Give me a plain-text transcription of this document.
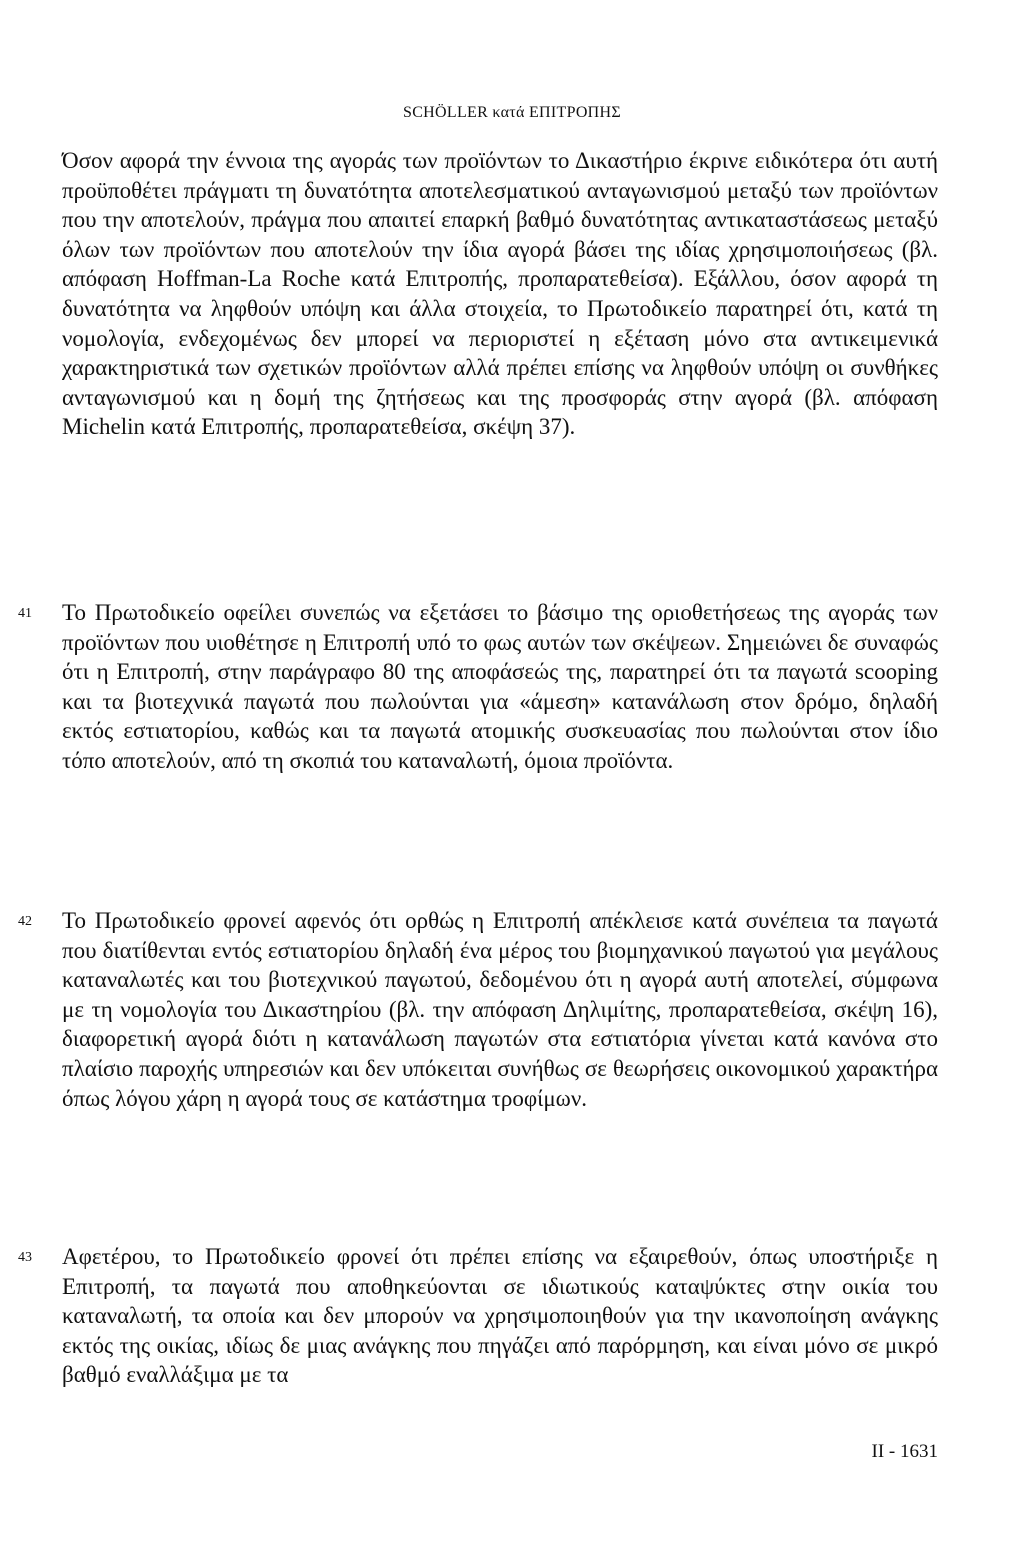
SCHÖLLER κατά ΕΠΙΤΡΟΠΗΣ
Όσον αφορά την έννοια της αγοράς των προϊόντων το Δικαστήριο έκρινε ειδικότερα ότι αυτή προϋποθέτει πράγματι τη δυνατότητα αποτελεσματικού ανταγωνισμού μεταξύ των προϊόντων που την αποτελούν, πράγμα που απαιτεί επαρκή βαθμό δυνατότητας αντικαταστάσεως μεταξύ όλων των προϊόντων που αποτελούν την ίδια αγορά βάσει της ιδίας χρησιμοποιήσεως (βλ. απόφαση Hoffman-La Roche κατά Επιτροπής, προπαρατεθείσα). Εξάλλου, όσον αφορά τη δυνατότητα να ληφθούν υπόψη και άλλα στοιχεία, το Πρωτοδικείο παρατηρεί ότι, κατά τη νομολογία, ενδεχομένως δεν μπορεί να περιοριστεί η εξέταση μόνο στα αντικειμενικά χαρακτηριστικά των σχετικών προϊόντων αλλά πρέπει επίσης να ληφθούν υπόψη οι συνθήκες ανταγωνισμού και η δομή της ζητήσεως και της προσφοράς στην αγορά (βλ. απόφαση Michelin κατά Επιτροπής, προπαρατεθείσα, σκέψη 37).
41 Το Πρωτοδικείο οφείλει συνεπώς να εξετάσει το βάσιμο της οριοθετήσεως της αγοράς των προϊόντων που υιοθέτησε η Επιτροπή υπό το φως αυτών των σκέψεων. Σημειώνει δε συναφώς ότι η Επιτροπή, στην παράγραφο 80 της αποφάσεώς της, παρατηρεί ότι τα παγωτά scooping και τα βιοτεχνικά παγωτά που πωλούνται για «άμεση» κατανάλωση στον δρόμο, δηλαδή εκτός εστιατορίου, καθώς και τα παγωτά ατομικής συσκευασίας που πωλούνται στον ίδιο τόπο αποτελούν, από τη σκοπιά του καταναλωτή, όμοια προϊόντα.
42 Το Πρωτοδικείο φρονεί αφενός ότι ορθώς η Επιτροπή απέκλεισε κατά συνέπεια τα παγωτά που διατίθενται εντός εστιατορίου δηλαδή ένα μέρος του βιομηχανικού παγωτού για μεγάλους καταναλωτές και του βιοτεχνικού παγωτού, δεδομένου ότι η αγορά αυτή αποτελεί, σύμφωνα με τη νομολογία του Δικαστηρίου (βλ. την απόφαση Δηλιμίτης, προπαρατεθείσα, σκέψη 16), διαφορετική αγορά διότι η κατανάλωση παγωτών στα εστιατόρια γίνεται κατά κανόνα στο πλαίσιο παροχής υπηρεσιών και δεν υπόκειται συνήθως σε θεωρήσεις οικονομικού χαρακτήρα όπως λόγου χάρη η αγορά τους σε κατάστημα τροφίμων.
43 Αφετέρου, το Πρωτοδικείο φρονεί ότι πρέπει επίσης να εξαιρεθούν, όπως υποστήριξε η Επιτροπή, τα παγωτά που αποθηκεύονται σε ιδιωτικούς καταψύκτες στην οικία του καταναλωτή, τα οποία και δεν μπορούν να χρησιμοποιηθούν για την ικανοποίηση ανάγκης εκτός της οικίας, ιδίως δε μιας ανάγκης που πηγάζει από παρόρμηση, και είναι μόνο σε μικρό βαθμό εναλλάξιμα με τα
II - 1631
